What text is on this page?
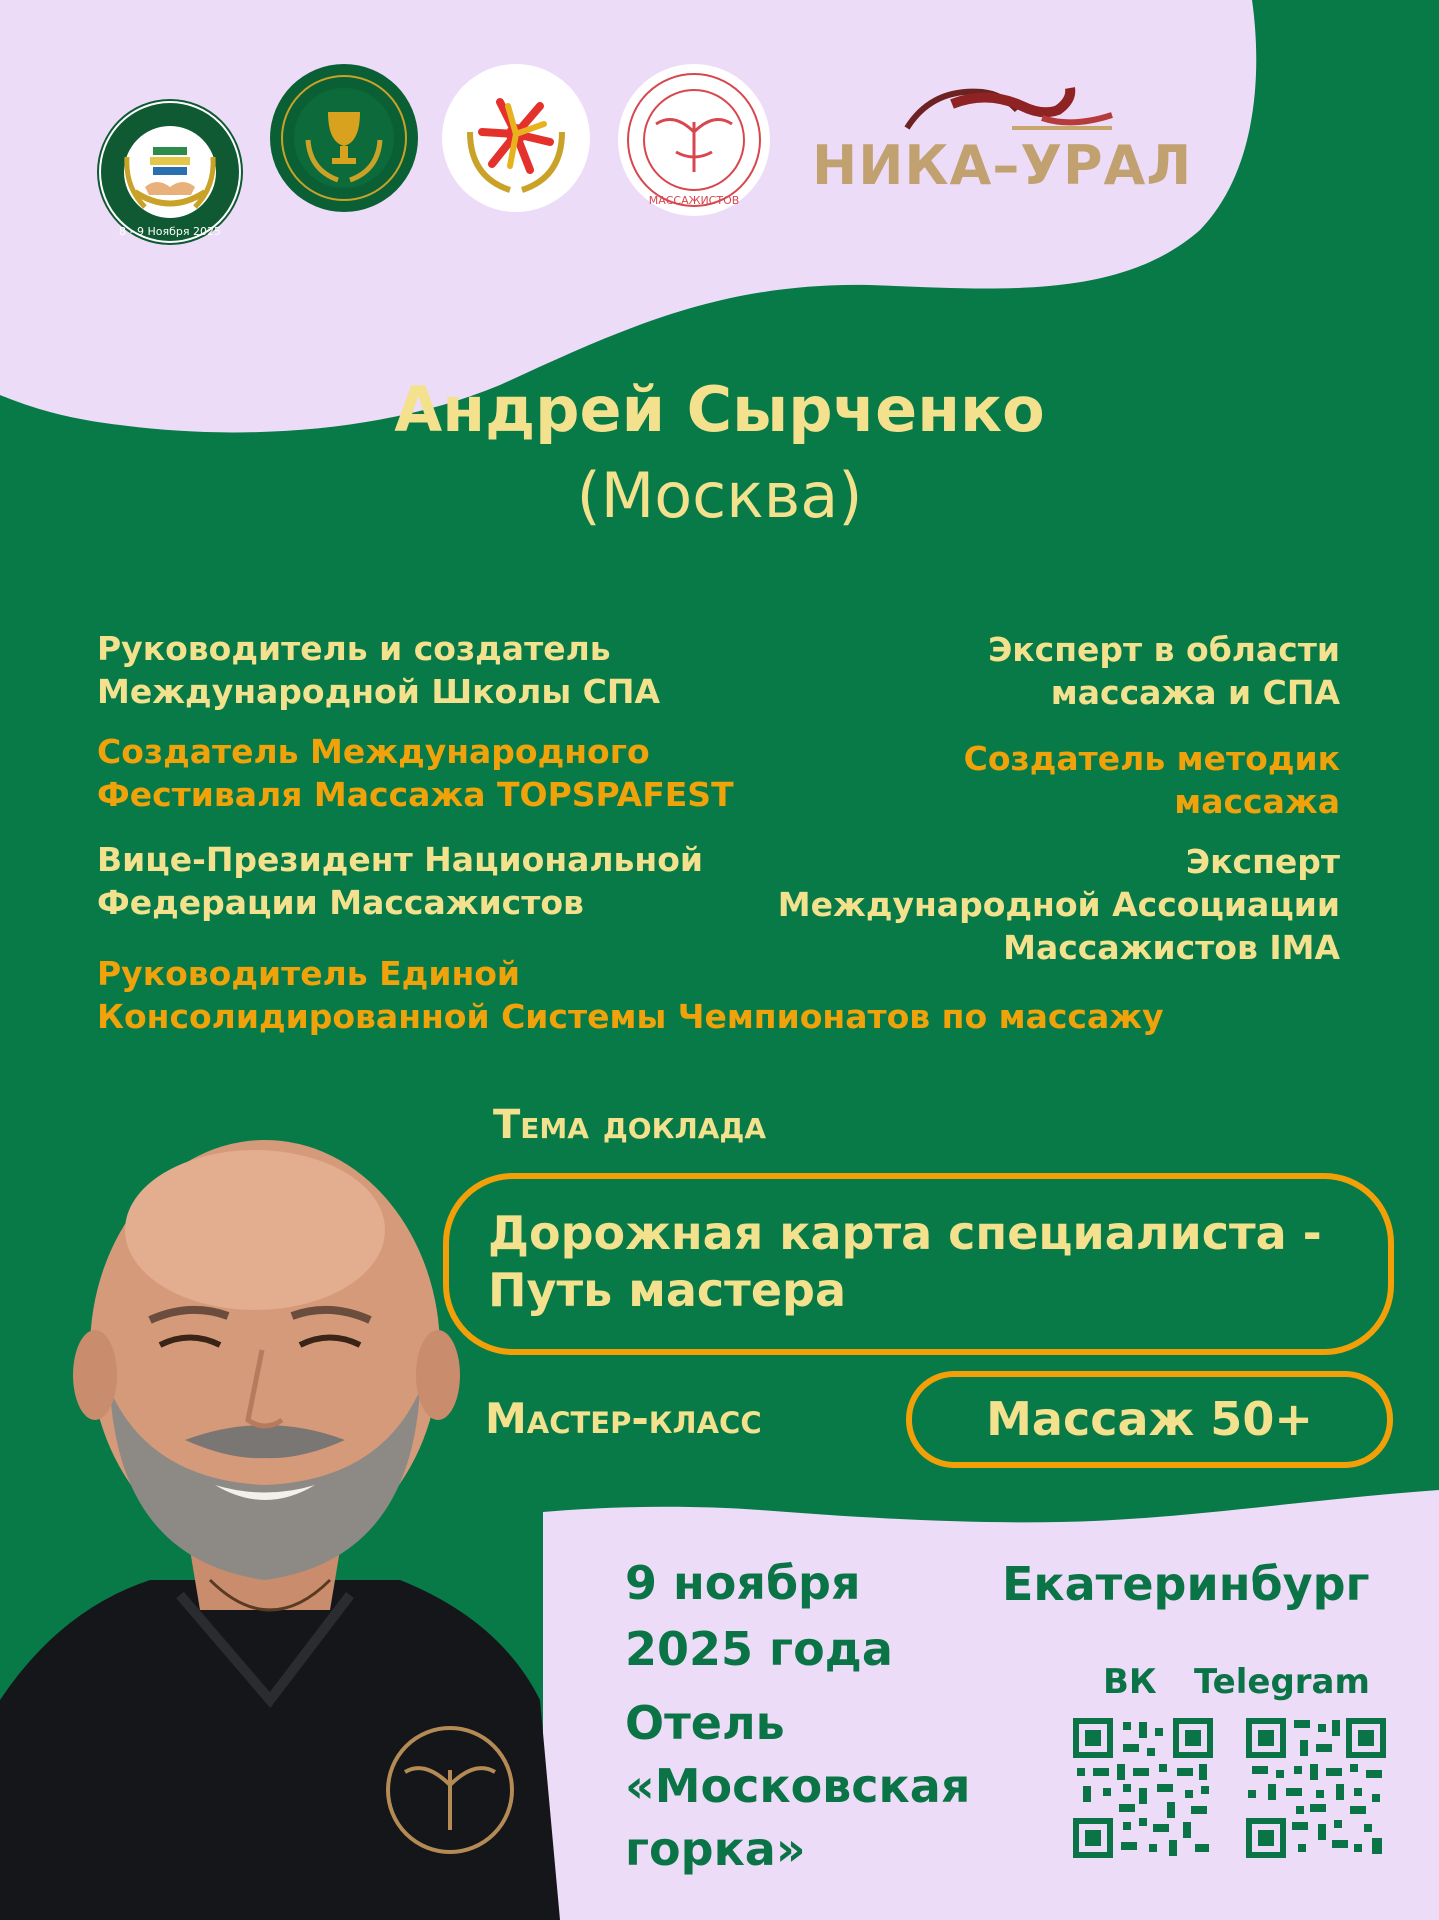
8 - 9 Ноября 2025
МАССАЖИСТОВ
НИКА–УРАЛ
Андрей Сырченко
(Москва)
Руководитель и создатель
Международной Школы СПА
Создатель Международного
Фестиваля Массажа TOPSPAFEST
Вице-Президент Национальной
Федерации Массажистов
Руководитель Единой
Консолидированной Системы Чемпионатов по массажу
Эксперт в области
массажа и СПА
Создатель методик
массажа
Эксперт
Международной Ассоциации
Массажистов IMA
Тема доклада
Дорожная карта специалиста -
Путь мастера
Мастер-класс	Массаж 50+
9 ноября
2025 года
Екатеринбург
Отель
«Московская
горка»
ВК Telegram
